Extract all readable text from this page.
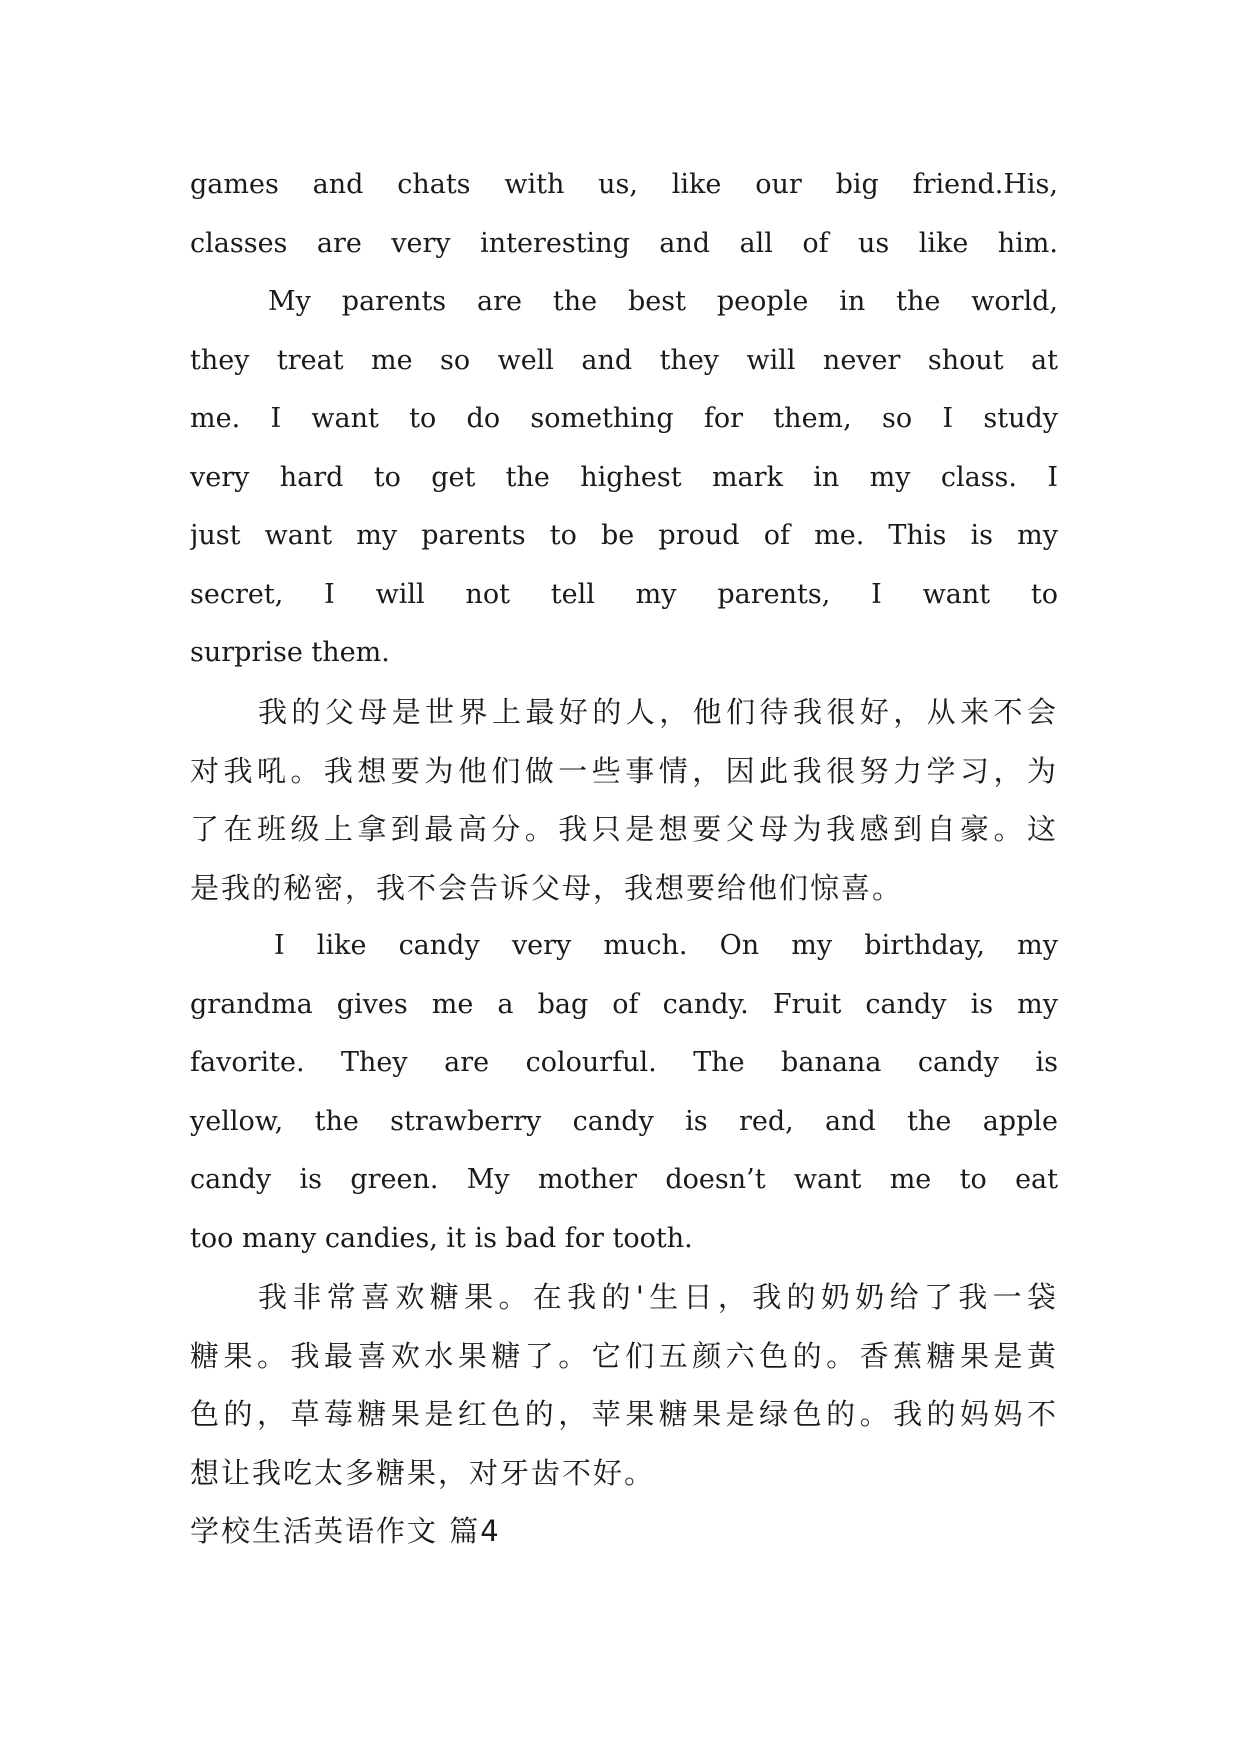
games and chats with us, like our big friend.His,
classes are very interesting and all of us like him.
My parents are the best people in the world,
they treat me so well and they will never shout at
me. I want to do something for them, so I study
very hard to get the highest mark in my class. I
just want my parents to be proud of me. This is my
secret, I will not tell my parents, I want to
surprise them.
我的父母是世界上最好的人，他们待我很好，从来不会
对我吼。我想要为他们做一些事情，因此我很努力学习，为
了在班级上拿到最高分。我只是想要父母为我感到自豪。这
是我的秘密，我不会告诉父母，我想要给他们惊喜。
I like candy very much. On my birthday, my
grandma gives me a bag of candy. Fruit candy is my
favorite. They are colourful. The banana candy is
yellow, the strawberry candy is red, and the apple
candy is green. My mother doesn’t want me to eat
too many candies, it is bad for tooth.
我非常喜欢糖果。在我的'生日，我的奶奶给了我一袋
糖果。我最喜欢水果糖了。它们五颜六色的。香蕉糖果是黄
色的，草莓糖果是红色的，苹果糖果是绿色的。我的妈妈不
想让我吃太多糖果，对牙齿不好。
学校生活英语作文 篇4
